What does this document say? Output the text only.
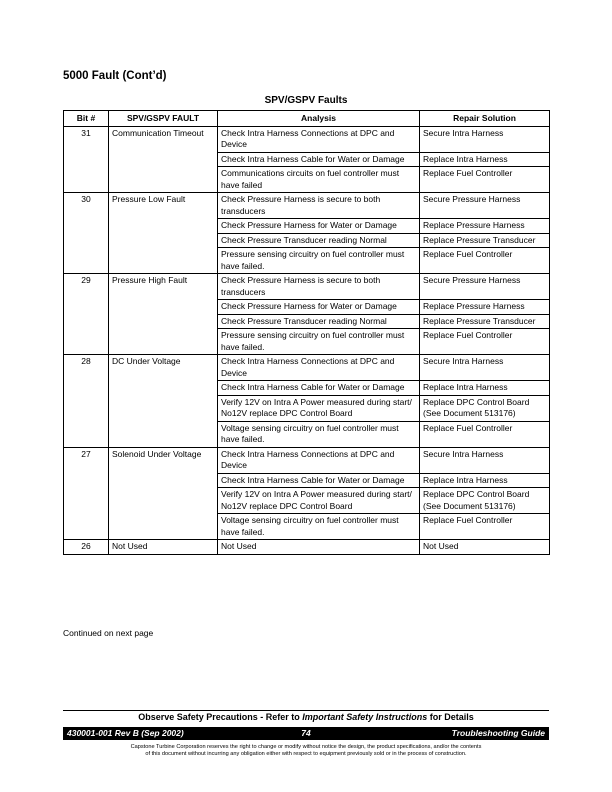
5000 Fault (Cont’d)
SPV/GSPV Faults
Bit #	SPV/GSPV FAULT	Analysis	Repair Solution
31	Communication Timeout	Check Intra Harness Connections at DPC and Device	Secure Intra Harness
		Check Intra Harness Cable for Water or Damage	Replace Intra Harness
		Communications circuits on fuel controller must have failed	Replace Fuel Controller
30	Pressure Low Fault	Check Pressure Harness is secure to both transducers	Secure Pressure Harness
		Check Pressure Harness for Water or Damage	Replace Pressure Harness
		Check Pressure Transducer reading Normal	Replace Pressure Transducer
		Pressure sensing circuitry on fuel controller must have failed.	Replace Fuel Controller
29	Pressure High Fault	Check Pressure Harness is secure to both transducers	Secure Pressure Harness
		Check Pressure Harness for Water or Damage	Replace Pressure Harness
		Check Pressure Transducer reading Normal	Replace Pressure Transducer
		Pressure sensing circuitry on fuel controller must have failed.	Replace Fuel Controller
28	DC Under Voltage	Check Intra Harness Connections at DPC and Device	Secure Intra Harness
		Check Intra Harness Cable for Water or Damage	Replace Intra Harness
		Verify 12V on Intra A Power measured during start/ No12V replace DPC Control Board	Replace DPC Control Board (See Document 513176)
		Voltage sensing circuitry on fuel controller must have failed.	Replace Fuel Controller
27	Solenoid Under Voltage	Check Intra Harness Connections at DPC and Device	Secure Intra Harness
		Check Intra Harness Cable for Water or Damage	Replace Intra Harness
		Verify 12V on Intra A Power measured during start/ No12V replace DPC Control Board	Replace DPC Control Board (See Document 513176)
		Voltage sensing circuitry on fuel controller must have failed.	Replace Fuel Controller
26	Not Used	Not Used	Not Used
Continued on next page
Observe Safety Precautions - Refer to Important Safety Instructions for Details
74
430001-001 Rev B (Sep 2002)	Troubleshooting Guide
Capstone Turbine Corporation reserves the right to change or modify without notice the design, the product specifications, and/or the contents
of this document without incurring any obligation either with respect to equipment previously sold or in the process of construction.
